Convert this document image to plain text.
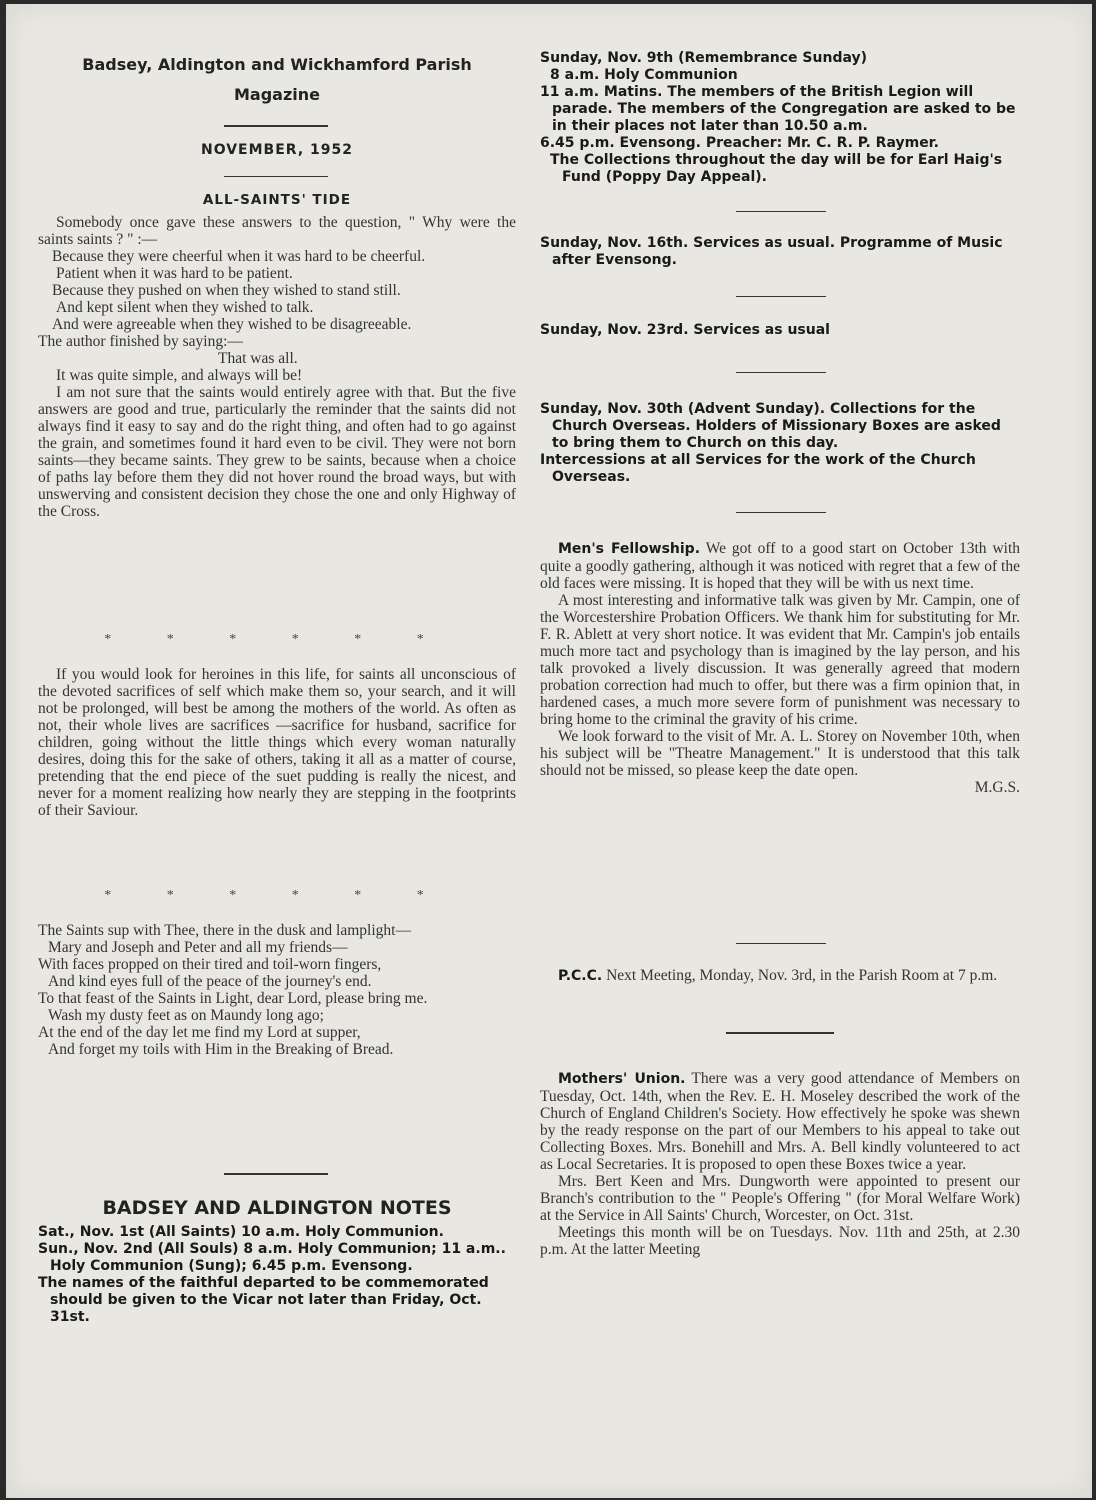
Badsey, Aldington and Wickhamford Parish Magazine
NOVEMBER, 1952
ALL-SAINTS' TIDE

Somebody once gave these answers to the question, " Why were the saints saints ? " :—

Because they were cheerful when it was hard to be cheerful.

Patient when it was hard to be patient.

Because they pushed on when they wished to stand still.

And kept silent when they wished to talk.

And were agreeable when they wished to be disagreeable.

The author finished by saying:—

That was all.

It was quite simple, and always will be!

I am not sure that the saints would entirely agree with that. But the five answers are good and true, particularly the reminder that the saints did not always find it easy to say and do the right thing, and often had to go against the grain, and sometimes found it hard even to be civil. They were not born saints—they became saints. They grew to be saints, because when a choice of paths lay before them they did not hover round the broad ways, but with unswerving and consistent decision they chose the one and only Highway of the Cross.

* * * * * *

If you would look for heroines in this life, for saints all unconscious of the devoted sacrifices of self which make them so, your search, and it will not be prolonged, will best be among the mothers of the world. As often as not, their whole lives are sacrifices —sacrifice for husband, sacrifice for children, going without the little things which every woman naturally desires, doing this for the sake of others, taking it all as a matter of course, pretending that the end piece of the suet pudding is really the nicest, and never for a moment realizing how nearly they are stepping in the footprints of their Saviour.

* * * * * *

The Saints sup with Thee, there in the dusk and lamplight—

Mary and Joseph and Peter and all my friends—

With faces propped on their tired and toil-worn fingers,

And kind eyes full of the peace of the journey's end.

To that feast of the Saints in Light, dear Lord, please bring me.

Wash my dusty feet as on Maundy long ago;

At the end of the day let me find my Lord at supper,

And forget my toils with Him in the Breaking of Bread.

BADSEY AND ALDINGTON NOTES

Sat., Nov. 1st (All Saints) 10 a.m. Holy Communion.

Sun., Nov. 2nd (All Souls) 8 a.m. Holy Communion; 11 a.m.. Holy Communion (Sung); 6.45 p.m. Evensong.

The names of the faithful departed to be commemorated should be given to the Vicar not later than Friday, Oct. 31st.

Sunday, Nov. 9th (Remembrance Sunday)

8 a.m. Holy Communion

11 a.m. Matins. The members of the British Legion will parade. The members of the Congregation are asked to be in their places not later than 10.50 a.m.

6.45 p.m. Evensong. Preacher: Mr. C. R. P. Raymer.

The Collections throughout the day will be for Earl Haig's Fund (Poppy Day Appeal).

Sunday, Nov. 16th. Services as usual. Programme of Music after Evensong.

Sunday, Nov. 23rd. Services as usual

Sunday, Nov. 30th (Advent Sunday). Collections for the Church Overseas. Holders of Missionary Boxes are asked to bring them to Church on this day.

Intercessions at all Services for the work of the Church Overseas.

Men's Fellowship. We got off to a good start on October 13th with quite a goodly gathering, although it was noticed with regret that a few of the old faces were missing. It is hoped that they will be with us next time.

A most interesting and informative talk was given by Mr. Campin, one of the Worcestershire Probation Officers. We thank him for substituting for Mr. F. R. Ablett at very short notice. It was evident that Mr. Campin's job entails much more tact and psychology than is imagined by the lay person, and his talk provoked a lively discussion. It was generally agreed that modern probation correction had much to offer, but there was a firm opinion that, in hardened cases, a much more severe form of punishment was necessary to bring home to the criminal the gravity of his crime.

We look forward to the visit of Mr. A. L. Storey on November 10th, when his subject will be "Theatre Management." It is understood that this talk should not be missed, so please keep the date open.

M.G.S.

P.C.C. Next Meeting, Monday, Nov. 3rd, in the Parish Room at 7 p.m.

Mothers' Union. There was a very good attendance of Members on Tuesday, Oct. 14th, when the Rev. E. H. Moseley described the work of the Church of England Children's Society. How effectively he spoke was shewn by the ready response on the part of our Members to his appeal to take out Collecting Boxes. Mrs. Bonehill and Mrs. A. Bell kindly volunteered to act as Local Secretaries. It is proposed to open these Boxes twice a year.

Mrs. Bert Keen and Mrs. Dungworth were appointed to present our Branch's contribution to the " People's Offering " (for Moral Welfare Work) at the Service in All Saints' Church, Worcester, on Oct. 31st.

Meetings this month will be on Tuesdays. Nov. 11th and 25th, at 2.30 p.m. At the latter Meeting
